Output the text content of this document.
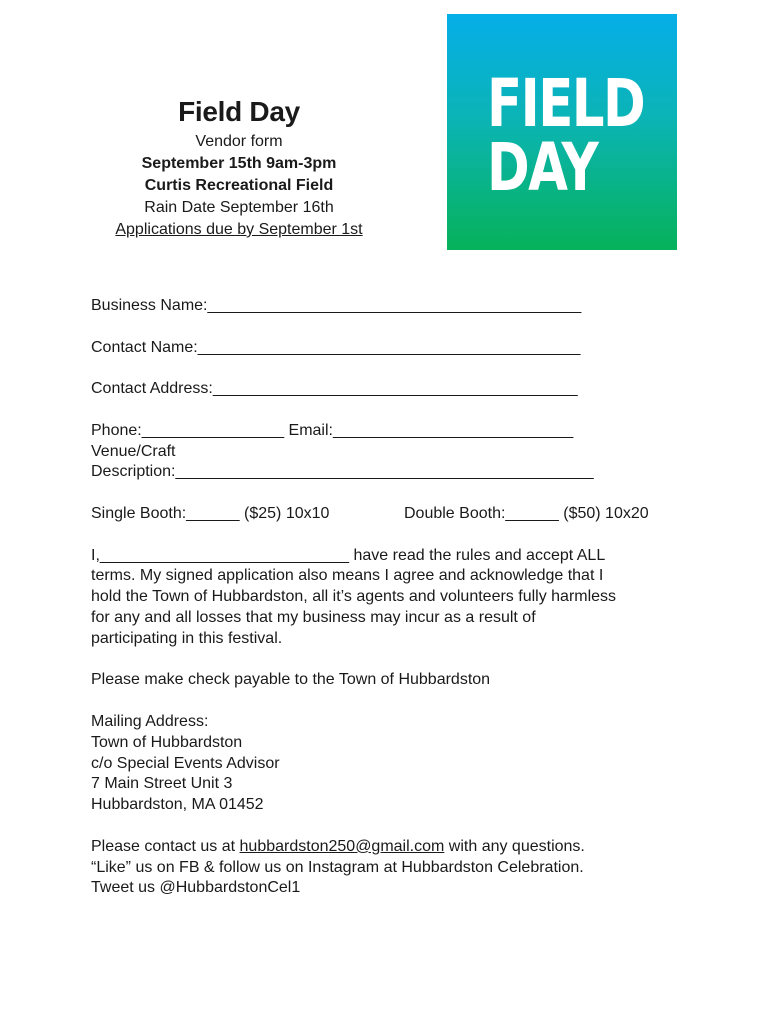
Field Day
Vendor form
September 15th 9am-3pm
Curtis Recreational Field
Rain Date September 16th
Applications due by September 1st
FIELD
DAY
Business Name:__________________________________________
Contact Name:___________________________________________
Contact Address:_________________________________________
Phone:________________ Email:___________________________
Venue/Craft
Description:_______________________________________________
Single Booth:______ ($25) 10x10	Double Booth:______ ($50) 10x20
I,____________________________ have read the rules and accept ALL
terms. My signed application also means I agree and acknowledge that I
hold the Town of Hubbardston, all it’s agents and volunteers fully harmless
for any and all losses that my business may incur as a result of
participating in this festival.
Please make check payable to the Town of Hubbardston
Mailing Address:
Town of Hubbardston
c/o Special Events Advisor
7 Main Street Unit 3
Hubbardston, MA 01452
Please contact us at hubbardston250@gmail.com with any questions.
“Like” us on FB & follow us on Instagram at Hubbardston Celebration.
Tweet us @HubbardstonCel1
